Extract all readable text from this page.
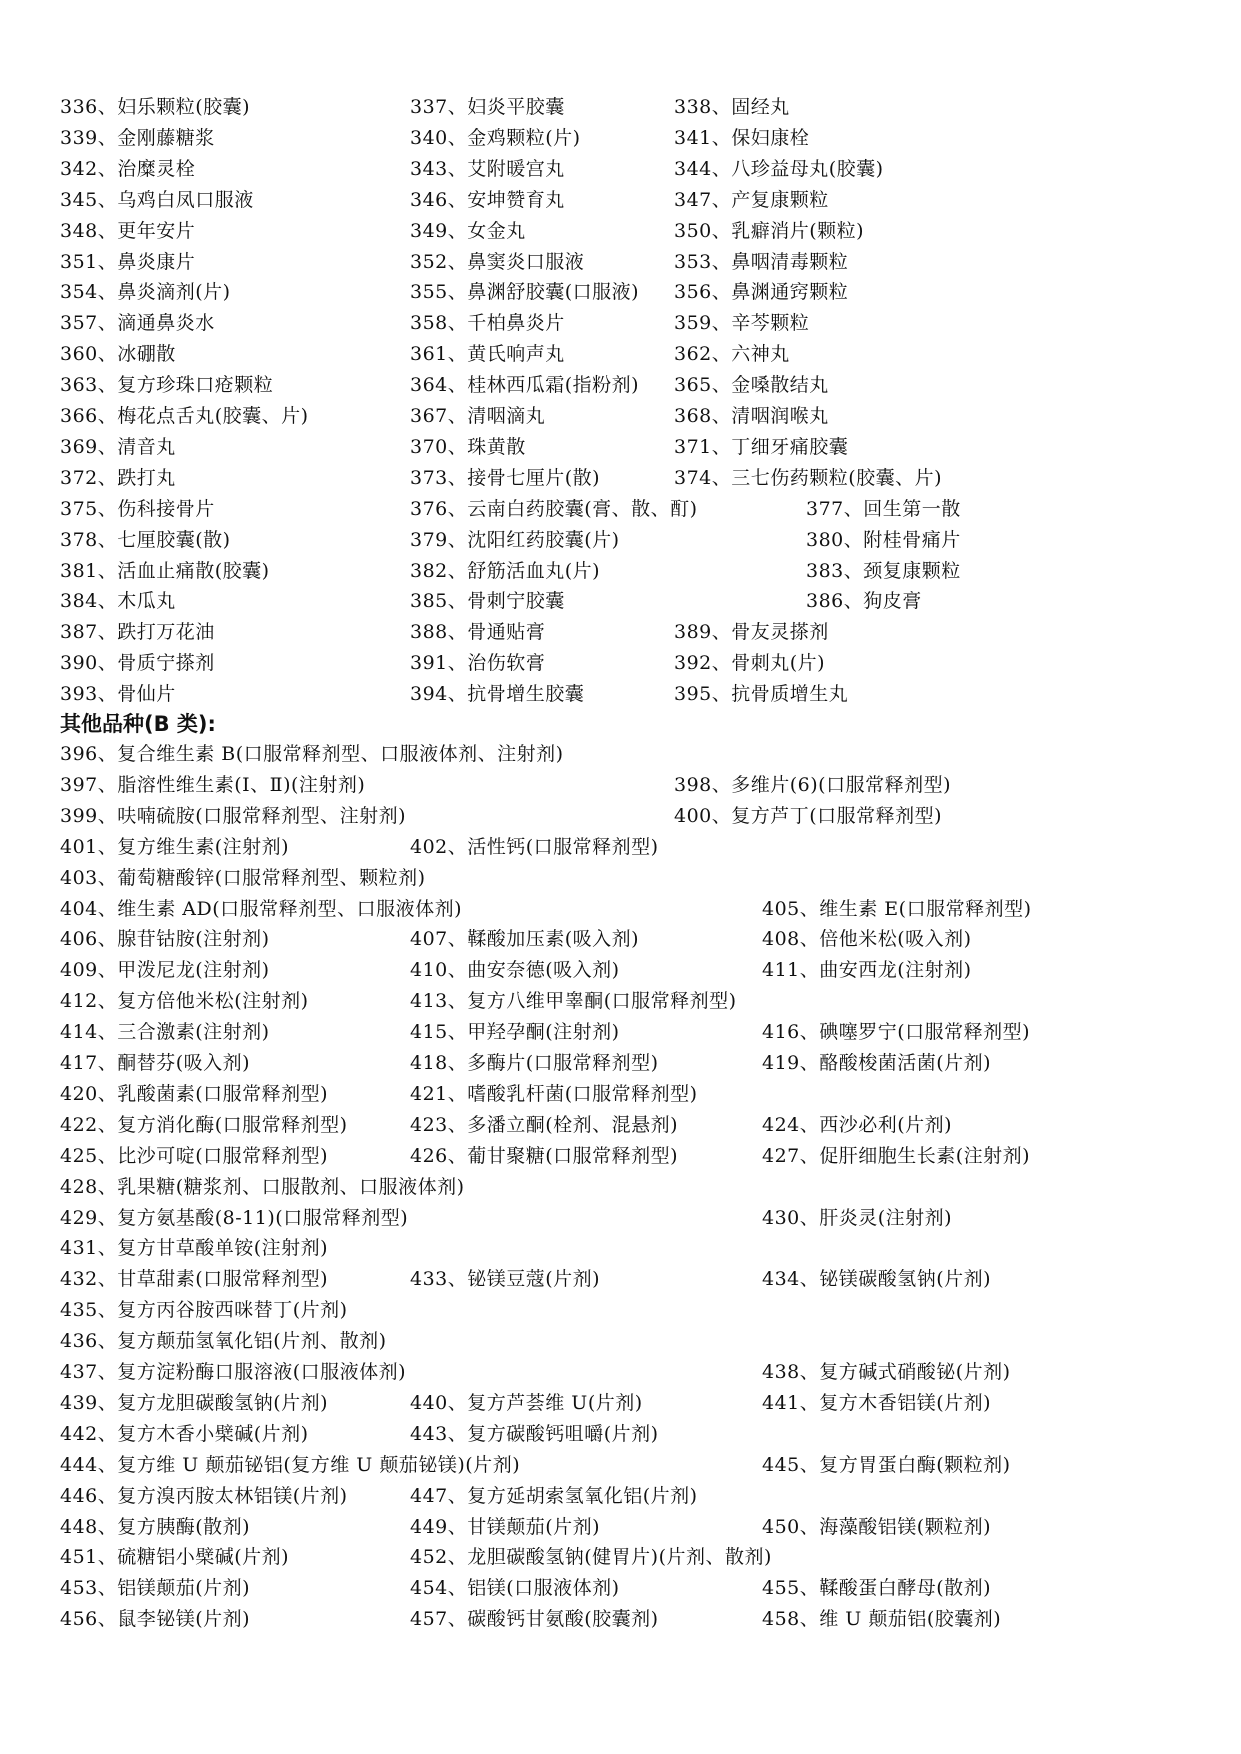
336、妇乐颗粒(胶囊)	337、妇炎平胶囊	338、固经丸
339、金刚藤糖浆	340、金鸡颗粒(片)	341、保妇康栓
342、治糜灵栓	343、艾附暖宫丸	344、八珍益母丸(胶囊)
345、乌鸡白凤口服液	346、安坤赞育丸	347、产复康颗粒
348、更年安片	349、女金丸	350、乳癖消片(颗粒)
351、鼻炎康片	352、鼻窦炎口服液	353、鼻咽清毒颗粒
354、鼻炎滴剂(片)	355、鼻渊舒胶囊(口服液) 356、鼻渊通窍颗粒
357、滴通鼻炎水	358、千柏鼻炎片	359、辛芩颗粒
360、冰硼散	361、黄氏响声丸	362、六神丸
363、复方珍珠口疮颗粒	364、桂林西瓜霜(指粉剂) 365、金嗓散结丸
366、梅花点舌丸(胶囊、片)	367、清咽滴丸	368、清咽润喉丸
369、清音丸	370、珠黄散	371、丁细牙痛胶囊
372、跌打丸	373、接骨七厘片(散)	374、三七伤药颗粒(胶囊、片)
375、伤科接骨片	376、云南白药胶囊(膏、散、酊)	377、回生第一散
378、七厘胶囊(散)	379、沈阳红药胶囊(片)	380、附桂骨痛片
381、活血止痛散(胶囊)	382、舒筋活血丸(片)	383、颈复康颗粒
384、木瓜丸	385、骨刺宁胶囊	386、狗皮膏
387、跌打万花油	388、骨通贴膏	389、骨友灵搽剂
390、骨质宁搽剂	391、治伤软膏	392、骨刺丸(片)
393、骨仙片	394、抗骨增生胶囊	395、抗骨质增生丸
其他品种(B 类):
396、复合维生素 B(口服常释剂型、口服液体剂、注射剂)
397、脂溶性维生素(Ⅰ、Ⅱ)(注射剂)	398、多维片(6)(口服常释剂型)
399、呋喃硫胺(口服常释剂型、注射剂)	400、复方芦丁(口服常释剂型)
401、复方维生素(注射剂)	402、活性钙(口服常释剂型)
403、葡萄糖酸锌(口服常释剂型、颗粒剂)
404、维生素 AD(口服常释剂型、口服液体剂)	405、维生素 E(口服常释剂型)
406、腺苷钴胺(注射剂)	407、鞣酸加压素(吸入剂)	408、倍他米松(吸入剂)
409、甲泼尼龙(注射剂)	410、曲安奈德(吸入剂)	411、曲安西龙(注射剂)
412、复方倍他米松(注射剂)	413、复方八维甲睾酮(口服常释剂型)
414、三合激素(注射剂)	415、甲羟孕酮(注射剂)	416、碘噻罗宁(口服常释剂型)
417、酮替芬(吸入剂)	418、多酶片(口服常释剂型)	419、酪酸梭菌活菌(片剂)
420、乳酸菌素(口服常释剂型)	421、嗜酸乳杆菌(口服常释剂型)
422、复方消化酶(口服常释剂型)	423、多潘立酮(栓剂、混悬剂)	424、西沙必利(片剂)
425、比沙可啶(口服常释剂型)	426、葡甘聚糖(口服常释剂型)	427、促肝细胞生长素(注射剂)
428、乳果糖(糖浆剂、口服散剂、口服液体剂)
429、复方氨基酸(8-11)(口服常释剂型)	430、肝炎灵(注射剂)
431、复方甘草酸单铵(注射剂)
432、甘草甜素(口服常释剂型)	433、铋镁豆蔻(片剂)	434、铋镁碳酸氢钠(片剂)
435、复方丙谷胺西咪替丁(片剂)
436、复方颠茄氢氧化铝(片剂、散剂)
437、复方淀粉酶口服溶液(口服液体剂)	438、复方碱式硝酸铋(片剂)
439、复方龙胆碳酸氢钠(片剂)	440、复方芦荟维 U(片剂)	441、复方木香铝镁(片剂)
442、复方木香小檗碱(片剂)	443、复方碳酸钙咀嚼(片剂)
444、复方维 U 颠茄铋铝(复方维 U 颠茄铋镁)(片剂)	445、复方胃蛋白酶(颗粒剂)
446、复方溴丙胺太林铝镁(片剂)	447、复方延胡索氢氧化铝(片剂)
448、复方胰酶(散剂)	449、甘镁颠茄(片剂)	450、海藻酸铝镁(颗粒剂)
451、硫糖铝小檗碱(片剂)	452、龙胆碳酸氢钠(健胃片)(片剂、散剂)
453、铝镁颠茄(片剂)	454、铝镁(口服液体剂)	455、鞣酸蛋白酵母(散剂)
456、鼠李铋镁(片剂)	457、碳酸钙甘氨酸(胶囊剂)	458、维 U 颠茄铝(胶囊剂)
